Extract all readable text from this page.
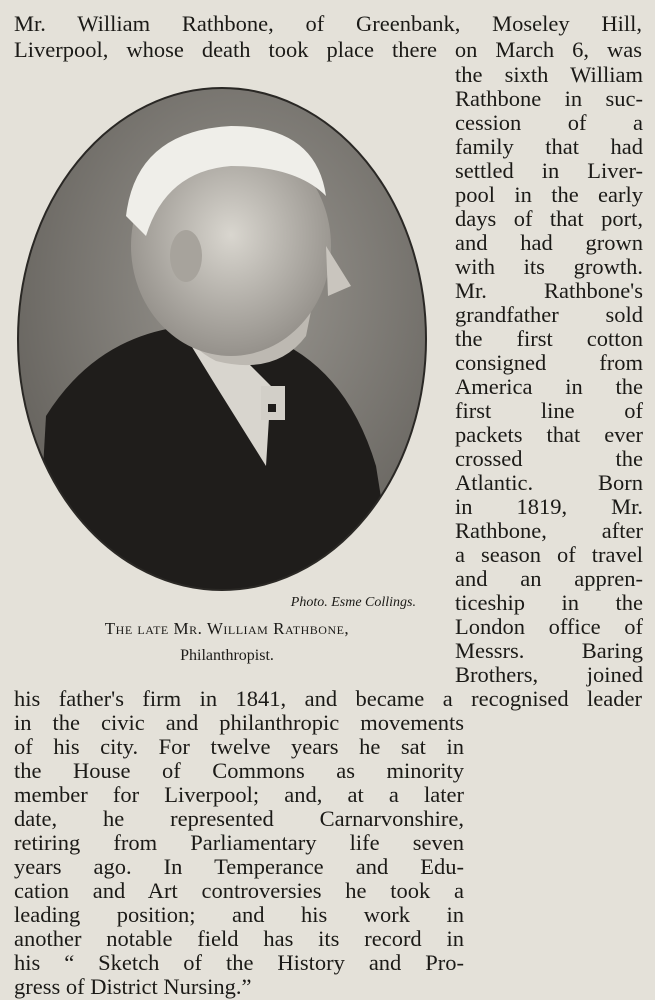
Mr. William Rathbone, of Greenbank, Moseley Hill,
Liverpool, whose death took place there on March 6, was
the sixth William
Rathbone in suc-
cession of a
family that had
settled in Liver-
pool in the early
days of that port,
and had grown
with its growth.
Mr. Rathbone's
grandfather sold
the first cotton
consigned from
America in the
first line of
packets that ever
crossed the
Atlantic. Born
in 1819, Mr.
Rathbone, after
a season of travel
and an appren-
ticeship in the
London office of
Messrs. Baring
Brothers, joined
his father's firm in 1841, and became a recognised leader
in the civic and philanthropic movements
of his city. For twelve years he sat in
the House of Commons as minority
member for Liverpool; and, at a later
date, he represented Carnarvonshire,
retiring from Parliamentary life seven
years ago. In Temperance and Edu-
cation and Art controversies he took a
leading position; and his work in
another notable field has its record in
his “ Sketch of the History and Pro-
gress of District Nursing.”
Photo. Esme Collings.
The late Mr. William Rathbone,
Philanthropist.
